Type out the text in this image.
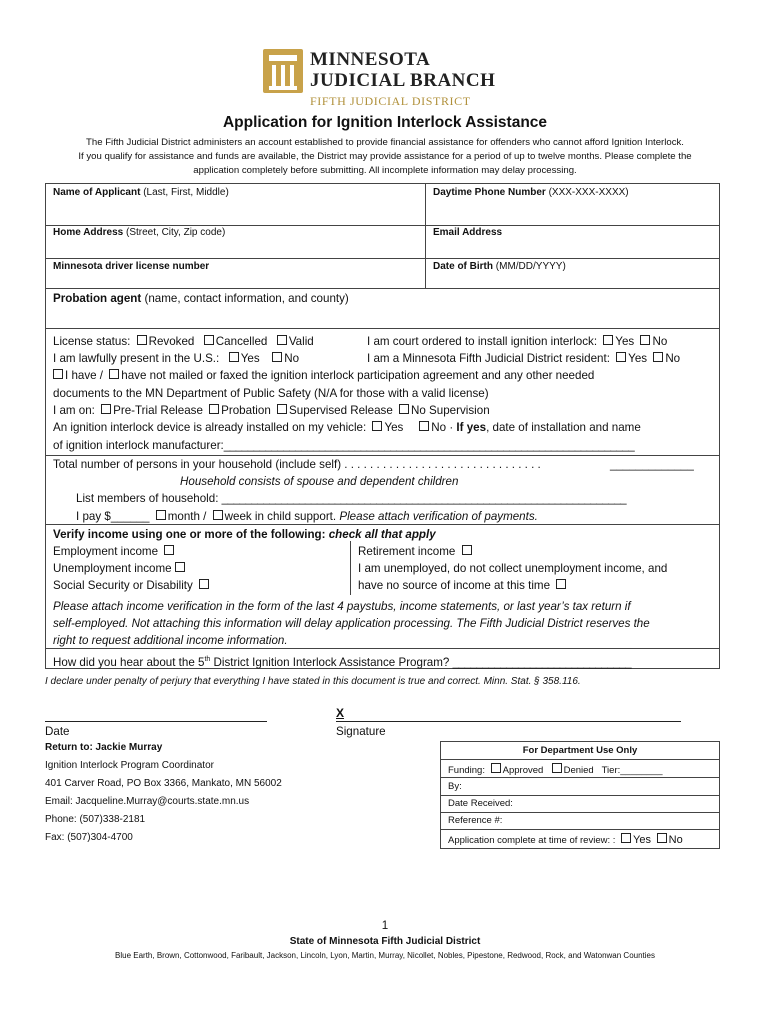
MINNESOTA
JUDICIAL BRANCH
FIFTH JUDICIAL DISTRICT
Application for Ignition Interlock Assistance
The Fifth Judicial District administers an account established to provide financial assistance for offenders who cannot afford Ignition Interlock.
If you qualify for assistance and funds are available, the District may provide assistance for a period of up to twelve months. Please complete the
application completely before submitting. All incomplete information may delay processing.
Name of Applicant (Last, First, Middle)	Daytime Phone Number (XXX-XXX-XXXX)
Home Address (Street, City, Zip code)	Email Address
Minnesota driver license number	Date of Birth (MM/DD/YYYY)
Probation agent (name, contact information, and county)
License status: Revoked Cancelled Valid	I am court ordered to install ignition interlock: Yes No
I am lawfully present in the U.S.: Yes No	I am a Minnesota Fifth Judicial District resident: Yes No
I have / have not mailed or faxed the ignition interlock participation agreement and any other needed
documents to the MN Department of Public Safety (N/A for those with a valid license)
I am on: Pre-Trial Release Probation Supervised Release No Supervision
An ignition interlock device is already installed on my vehicle: Yes No · If yes, date of installation and name
of ignition interlock manufacturer:_____________________________________________________________________
Total number of persons in your household (include self) . . . . . . . . . . . . . . . . . . . . . . . . . . . . . . .	_____________
Household consists of spouse and dependent children
List members of household: ____________________________________________________________________
I pay $______ month / week in child support. Please attach verification of payments.
Verify income using one or more of the following: check all that apply
Employment income
Unemployment income
Social Security or Disability
Retirement income
I am unemployed, do not collect unemployment income, and
have no source of income at this time
Please attach income verification in the form of the last 4 paystubs, income statements, or last year’s tax return if
self-employed. Not attaching this information will delay application processing. The Fifth Judicial District reserves the
right to request additional income information.
How did you hear about the 5th District Ignition Interlock Assistance Program? ______________________________
I declare under penalty of perjury that everything I have stated in this document is true and correct. Minn. Stat. § 358.116.
X
Date	Signature
Return to: Jackie Murray
Ignition Interlock Program Coordinator
401 Carver Road, PO Box 3366, Mankato, MN 56002
Email: Jacqueline.Murray@courts.state.mn.us
Phone: (507)338-2181
Fax: (507)304-4700
For Department Use Only
Funding: Approved Denied Tier:________
By:
Date Received:
Reference #:
Application complete at time of review: : Yes No
1
State of Minnesota Fifth Judicial District
Blue Earth, Brown, Cottonwood, Faribault, Jackson, Lincoln, Lyon, Martin, Murray, Nicollet, Nobles, Pipestone, Redwood, Rock, and Watonwan Counties
